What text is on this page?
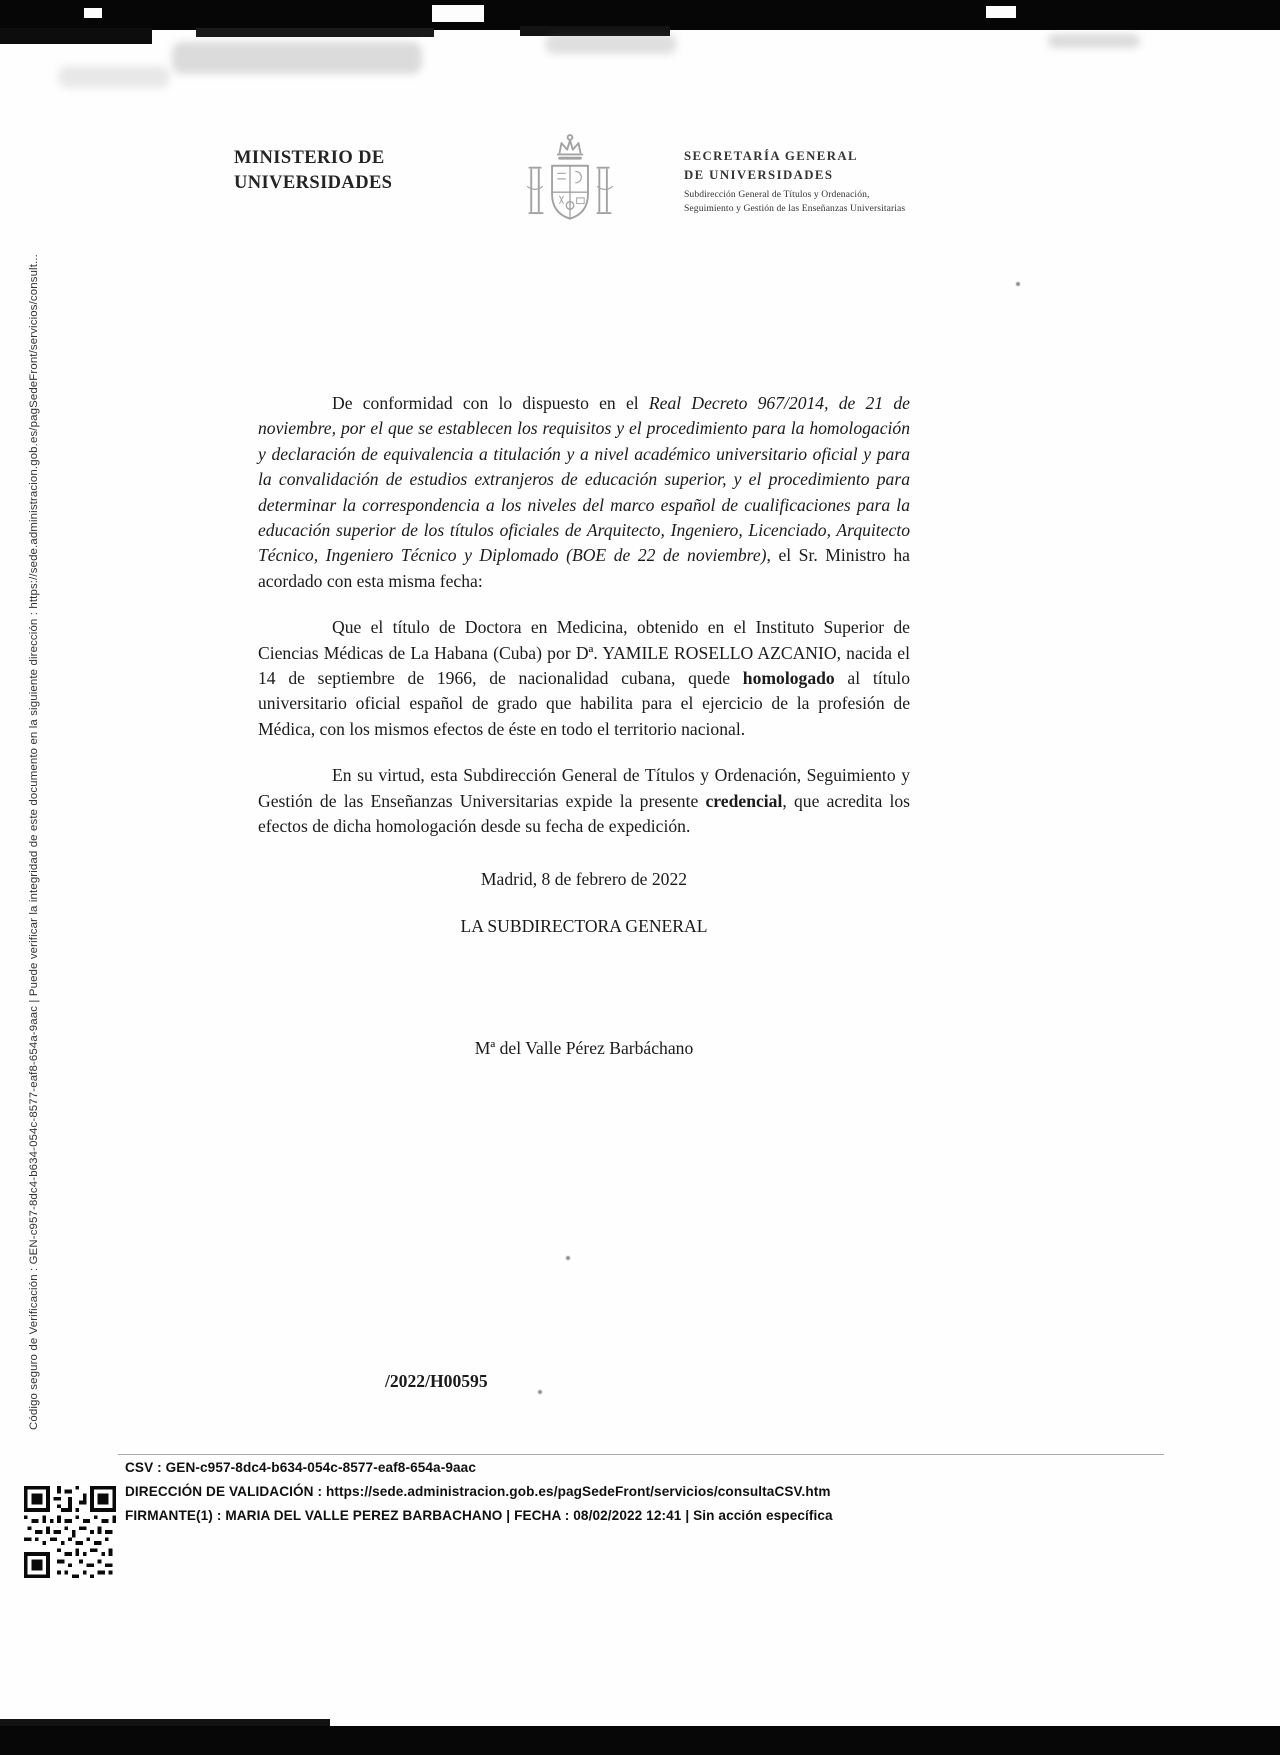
Código seguro de Verificación : GEN-c957-8dc4-b634-054c-8577-eaf8-654a-9aac | Puede verificar la integridad de este documento en la siguiente dirección : https://sede.administracion.gob.es/pagSedeFront/servicios/consult...
MINISTERIO DE
UNIVERSIDADES
SECRETARÍA GENERAL
DE UNIVERSIDADES
Subdirección General de Títulos y Ordenación,
Seguimiento y Gestión de las Enseñanzas Universitarias

De conformidad con lo dispuesto en el Real Decreto 967/2014, de 21 de noviembre, por el que se establecen los requisitos y el procedimiento para la homologación y declaración de equivalencia a titulación y a nivel académico universitario oficial y para la convalidación de estudios extranjeros de educación superior, y el procedimiento para determinar la correspondencia a los niveles del marco español de cualificaciones para la educación superior de los títulos oficiales de Arquitecto, Ingeniero, Licenciado, Arquitecto Técnico, Ingeniero Técnico y Diplomado (BOE de 22 de noviembre), el Sr. Ministro ha acordado con esta misma fecha:

Que el título de Doctora en Medicina, obtenido en el Instituto Superior de Ciencias Médicas de La Habana (Cuba) por Dª. YAMILE ROSELLO AZCANIO, nacida el 14 de septiembre de 1966, de nacionalidad cubana, quede homologado al título universitario oficial español de grado que habilita para el ejercicio de la profesión de Médica, con los mismos efectos de éste en todo el territorio nacional.

En su virtud, esta Subdirección General de Títulos y Ordenación, Seguimiento y Gestión de las Enseñanzas Universitarias expide la presente credencial, que acredita los efectos de dicha homologación desde su fecha de expedición.

Madrid, 8 de febrero de 2022

LA SUBDIRECTORA GENERAL

Mª del Valle Pérez Barbáchano

/2022/H00595
CSV : GEN-c957-8dc4-b634-054c-8577-eaf8-654a-9aac
DIRECCIÓN DE VALIDACIÓN : https://sede.administracion.gob.es/pagSedeFront/servicios/consultaCSV.htm
FIRMANTE(1) : MARIA DEL VALLE PEREZ BARBACHANO | FECHA : 08/02/2022 12:41 | Sin acción específica
